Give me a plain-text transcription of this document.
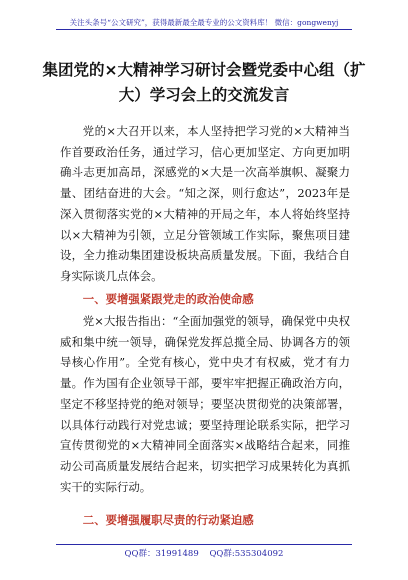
关注头条号“公文研究”，获得最新最全最专业的公文资料库！ 微信：gongwenyj
集团党的×大精神学习研讨会暨党委中心组（扩大）学习会上的交流发言

党的×大召开以来，本人坚持把学习党的×大精神当作首要政治任务，通过学习，信心更加坚定、方向更加明确斗志更加高昂，深感党的×大是一次高举旗帜、凝聚力量、团结奋进的大会。“知之深，则行愈达”，2023年是深入贯彻落实党的×大精神的开局之年，本人将始终坚持以×大精神为引领，立足分管领域工作实际，聚焦项目建设，全力推动集团建设板块高质量发展。下面，我结合自身实际谈几点体会。

一、要增强紧跟党走的政治使命感

党×大报告指出：“全面加强党的领导，确保党中央权威和集中统一领导，确保党发挥总揽全局、协调各方的领导核心作用”。全党有核心，党中央才有权威，党才有力量。作为国有企业领导干部，要牢牢把握正确政治方向，坚定不移坚持党的绝对领导；要坚决贯彻党的决策部署，以具体行动践行对党忠诚；要坚持理论联系实际，把学习宣传贯彻党的×大精神同全面落实×战略结合起来，同推动公司高质量发展结合起来，切实把学习成果转化为真抓实干的实际行动。

二、要增强履职尽责的行动紧迫感

QQ群：31991489 QQ群:535304092
